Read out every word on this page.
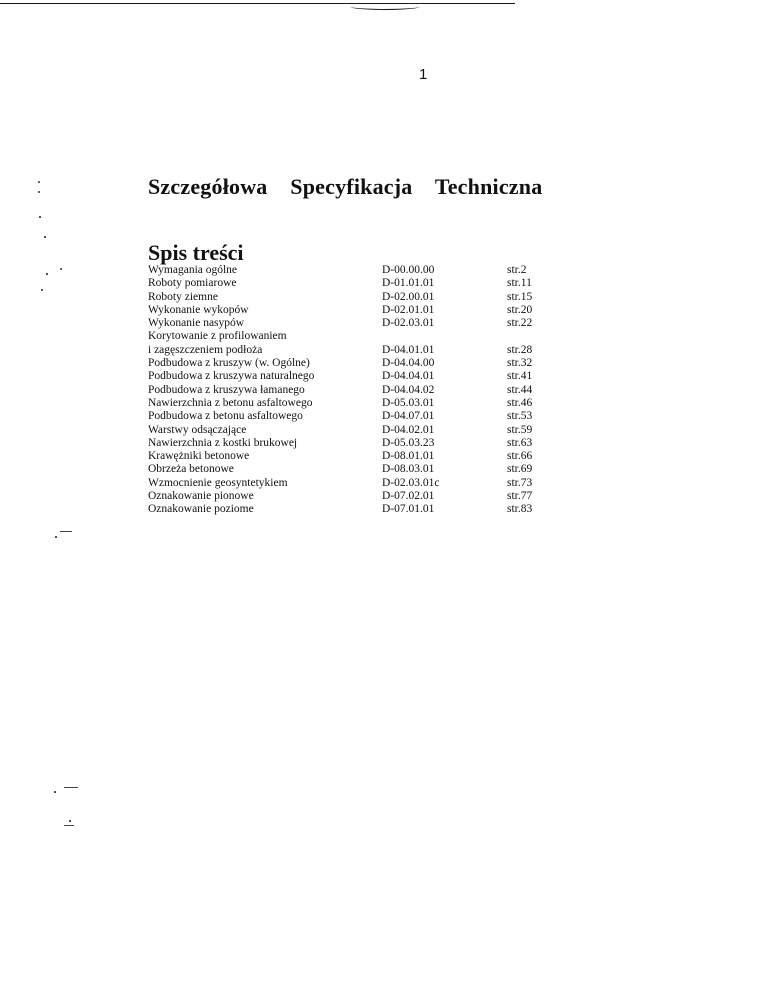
1
Szczegółowa    Specyfikacja    Techniczna
Spis treści
Wymagania ogólne	D-00.00.00	str.2
Roboty pomiarowe	D-01.01.01	str.11
Roboty ziemne	D-02.00.01	str.15
Wykonanie wykopów	D-02.01.01	str.20
Wykonanie nasypów	D-02.03.01	str.22
Korytowanie z profilowaniem
i zagęszczeniem podłoża	D-04.01.01	str.28
Podbudowa z kruszyw (w. Ogólne)	D-04.04.00	str.32
Podbudowa z kruszywa naturalnego	D-04.04.01	str.41
Podbudowa z kruszywa łamanego	D-04.04.02	str.44
Nawierzchnia z betonu asfaltowego	D-05.03.01	str.46
Podbudowa z betonu asfaltowego	D-04.07.01	str.53
Warstwy odsączające	D-04.02.01	str.59
Nawierzchnia z kostki brukowej	D-05.03.23	str.63
Krawężniki betonowe	D-08.01.01	str.66
Obrzeża betonowe	D-08.03.01	str.69
Wzmocnienie geosyntetykiem	D-02.03.01c	str.73
Oznakowanie pionowe	D-07.02.01	str.77
Oznakowanie poziome	D-07.01.01	str.83
